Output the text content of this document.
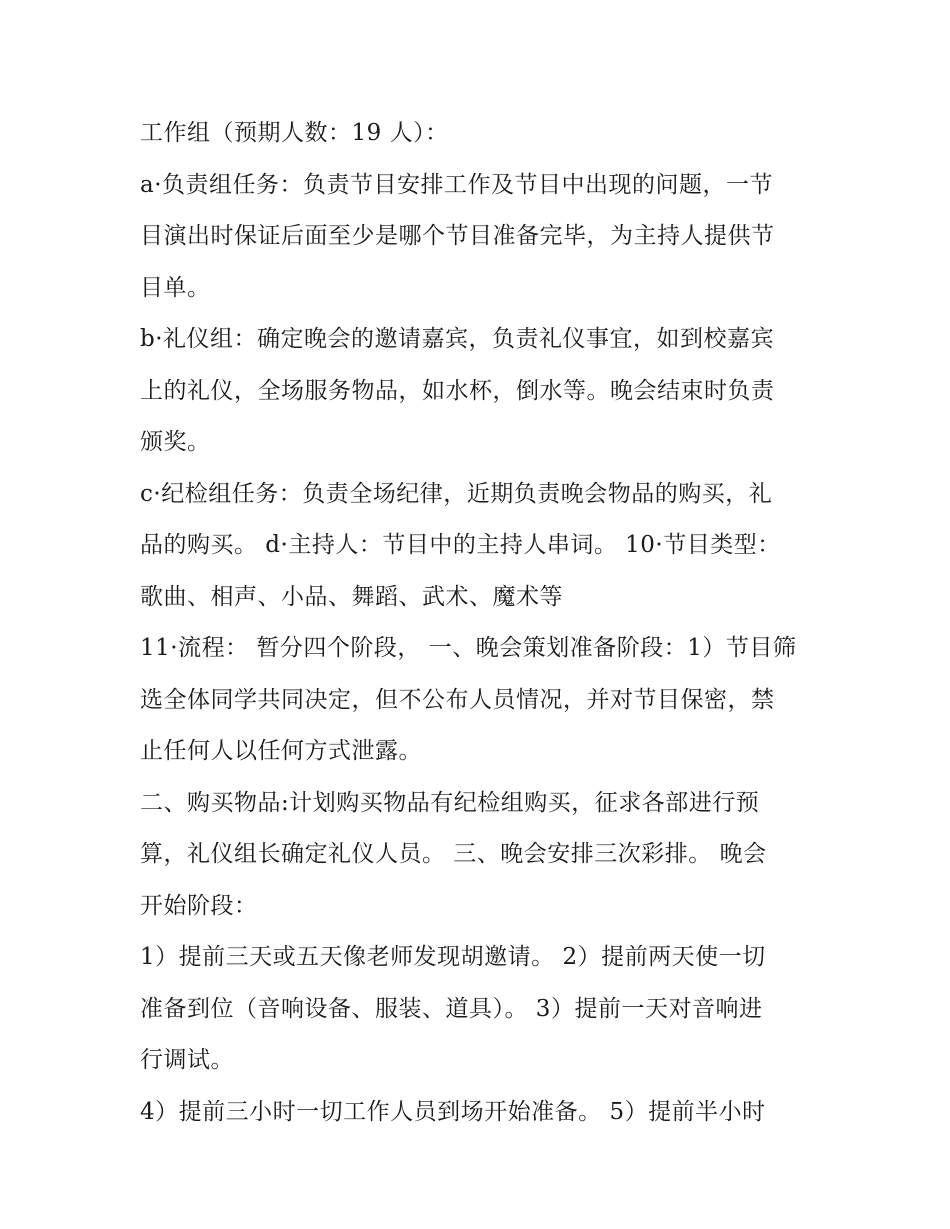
工作组（预期人数：19 人）：
a·负责组任务：负责节目安排工作及节目中出现的问题，一节
目演出时保证后面至少是哪个节目准备完毕，为主持人提供节
目单。
b·礼仪组：确定晚会的邀请嘉宾，负责礼仪事宜，如到校嘉宾
上的礼仪，全场服务物品，如水杯，倒水等。晚会结束时负责
颁奖。
c·纪检组任务：负责全场纪律，近期负责晚会物品的购买，礼
品的购买。 d·主持人：节目中的主持人串词。 10·节目类型：
歌曲、相声、小品、舞蹈、武术、魔术等
11·流程： 暂分四个阶段， 一、晚会策划准备阶段：1）节目筛
选全体同学共同决定，但不公布人员情况，并对节目保密，禁
止任何人以任何方式泄露。
二、购买物品:计划购买物品有纪检组购买，征求各部进行预
算，礼仪组长确定礼仪人员。 三、晚会安排三次彩排。 晚会
开始阶段：
1）提前三天或五天像老师发现胡邀请。 2）提前两天使一切
准备到位（音响设备、服装、道具）。 3）提前一天对音响进
行调试。
4）提前三小时一切工作人员到场开始准备。 5）提前半小时
